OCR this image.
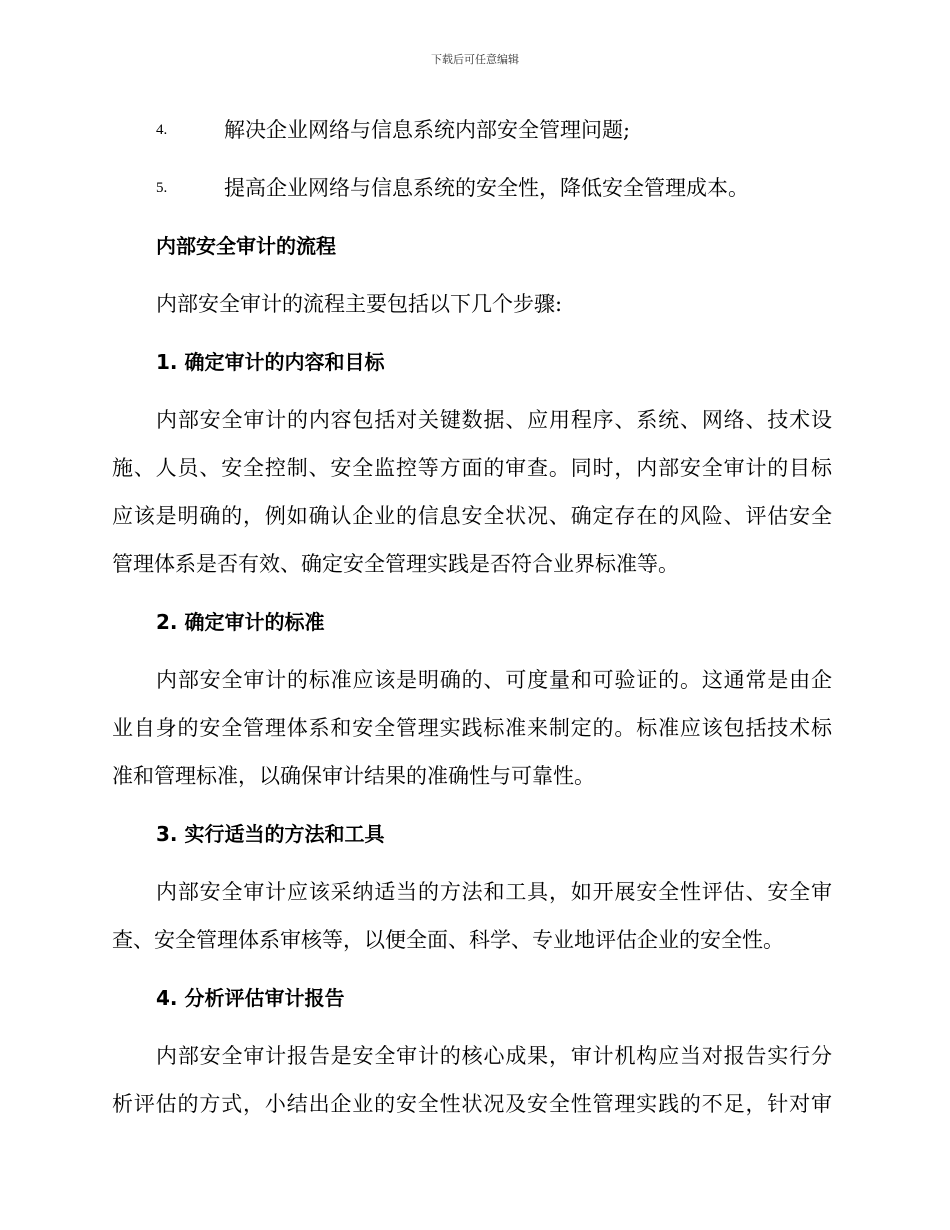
下载后可任意编辑
4.	解决企业网络与信息系统内部安全管理问题;
5.	提高企业网络与信息系统的安全性，降低安全管理成本。
内部安全审计的流程
内部安全审计的流程主要包括以下几个步骤:
1. 确定审计的内容和目标
内部安全审计的内容包括对关键数据、应用程序、系统、网络、技术设
施、人员、安全控制、安全监控等方面的审查。同时，内部安全审计的目标
应该是明确的，例如确认企业的信息安全状况、确定存在的风险、评估安全
管理体系是否有效、确定安全管理实践是否符合业界标准等。
2. 确定审计的标准
内部安全审计的标准应该是明确的、可度量和可验证的。这通常是由企
业自身的安全管理体系和安全管理实践标准来制定的。标准应该包括技术标
准和管理标准，以确保审计结果的准确性与可靠性。
3. 实行适当的方法和工具
内部安全审计应该采纳适当的方法和工具，如开展安全性评估、安全审
查、安全管理体系审核等，以便全面、科学、专业地评估企业的安全性。
4. 分析评估审计报告
内部安全审计报告是安全审计的核心成果，审计机构应当对报告实行分
析评估的方式，小结出企业的安全性状况及安全性管理实践的不足，针对审
